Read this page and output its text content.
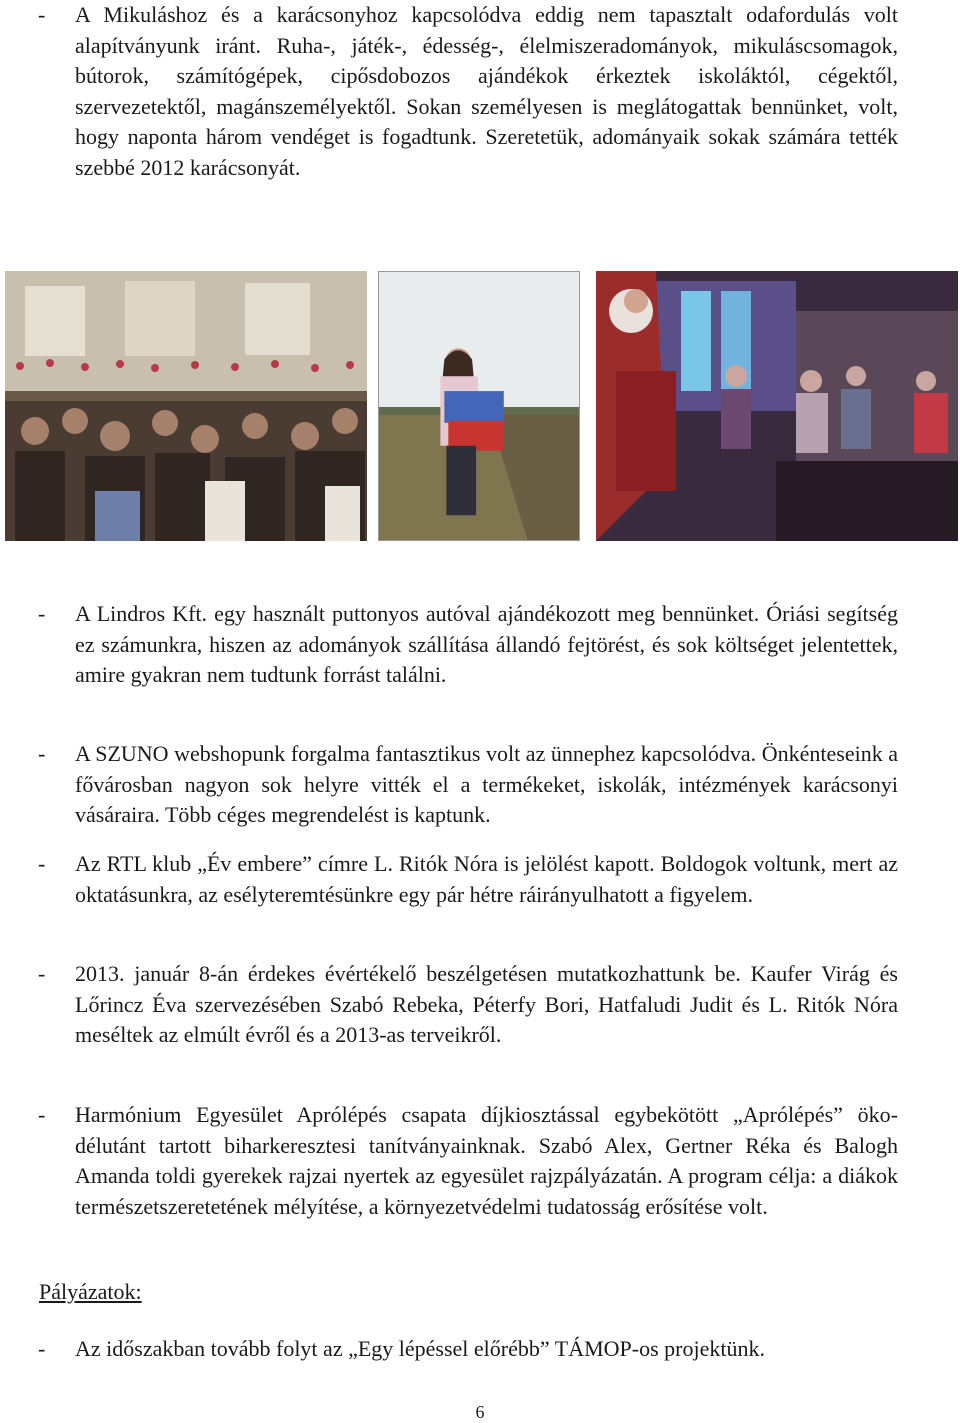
- A Mikuláshoz és a karácsonyhoz kapcsolódva eddig nem tapasztalt odafordulás volt alapítványunk iránt. Ruha-, játék-, édesség-, élelmiszeradományok, mikuláscsomagok, bútorok, számítógépek, cipősdobozos ajándékok érkeztek iskoláktól, cégektől, szervezetektől, magánszemélyektől. Sokan személyesen is meglátogattak bennünket, volt, hogy naponta három vendéget is fogadtunk. Szeretetük, adományaik sokak számára tették szebbé 2012 karácsonyát.
- A Lindros Kft. egy használt puttonyos autóval ajándékozott meg bennünket. Óriási segítség ez számunkra, hiszen az adományok szállítása állandó fejtörést, és sok költséget jelentettek, amire gyakran nem tudtunk forrást találni.
- A SZUNO webshopunk forgalma fantasztikus volt az ünnephez kapcsolódva. Önkénteseink a fővárosban nagyon sok helyre vitték el a termékeket, iskolák, intézmények karácsonyi vásáraira. Több céges megrendelést is kaptunk.
- Az RTL klub „Év embere” címre L. Ritók Nóra is jelölést kapott. Boldogok voltunk, mert az oktatásunkra, az esélyteremtésünkre egy pár hétre ráirányulhatott a figyelem.
- 2013. január 8-án érdekes évértékelő beszélgetésen mutatkozhattunk be. Kaufer Virág és Lőrincz Éva szervezésében Szabó Rebeka, Péterfy Bori, Hatfaludi Judit és L. Ritók Nóra meséltek az elmúlt évről és a 2013-as terveikről.
- Harmónium Egyesület Aprólépés csapata díjkiosztással egybekötött „Aprólépés” öko-délutánt tartott biharkeresztesi tanítványainknak. Szabó Alex, Gertner Réka és Balogh Amanda toldi gyerekek rajzai nyertek az egyesület rajzpályázatán. A program célja: a diákok természetszeretetének mélyítése, a környezetvédelmi tudatosság erősítése volt.
Pályázatok:
- Az időszakban tovább folyt az „Egy lépéssel előrébb” TÁMOP-os projektünk.
6
